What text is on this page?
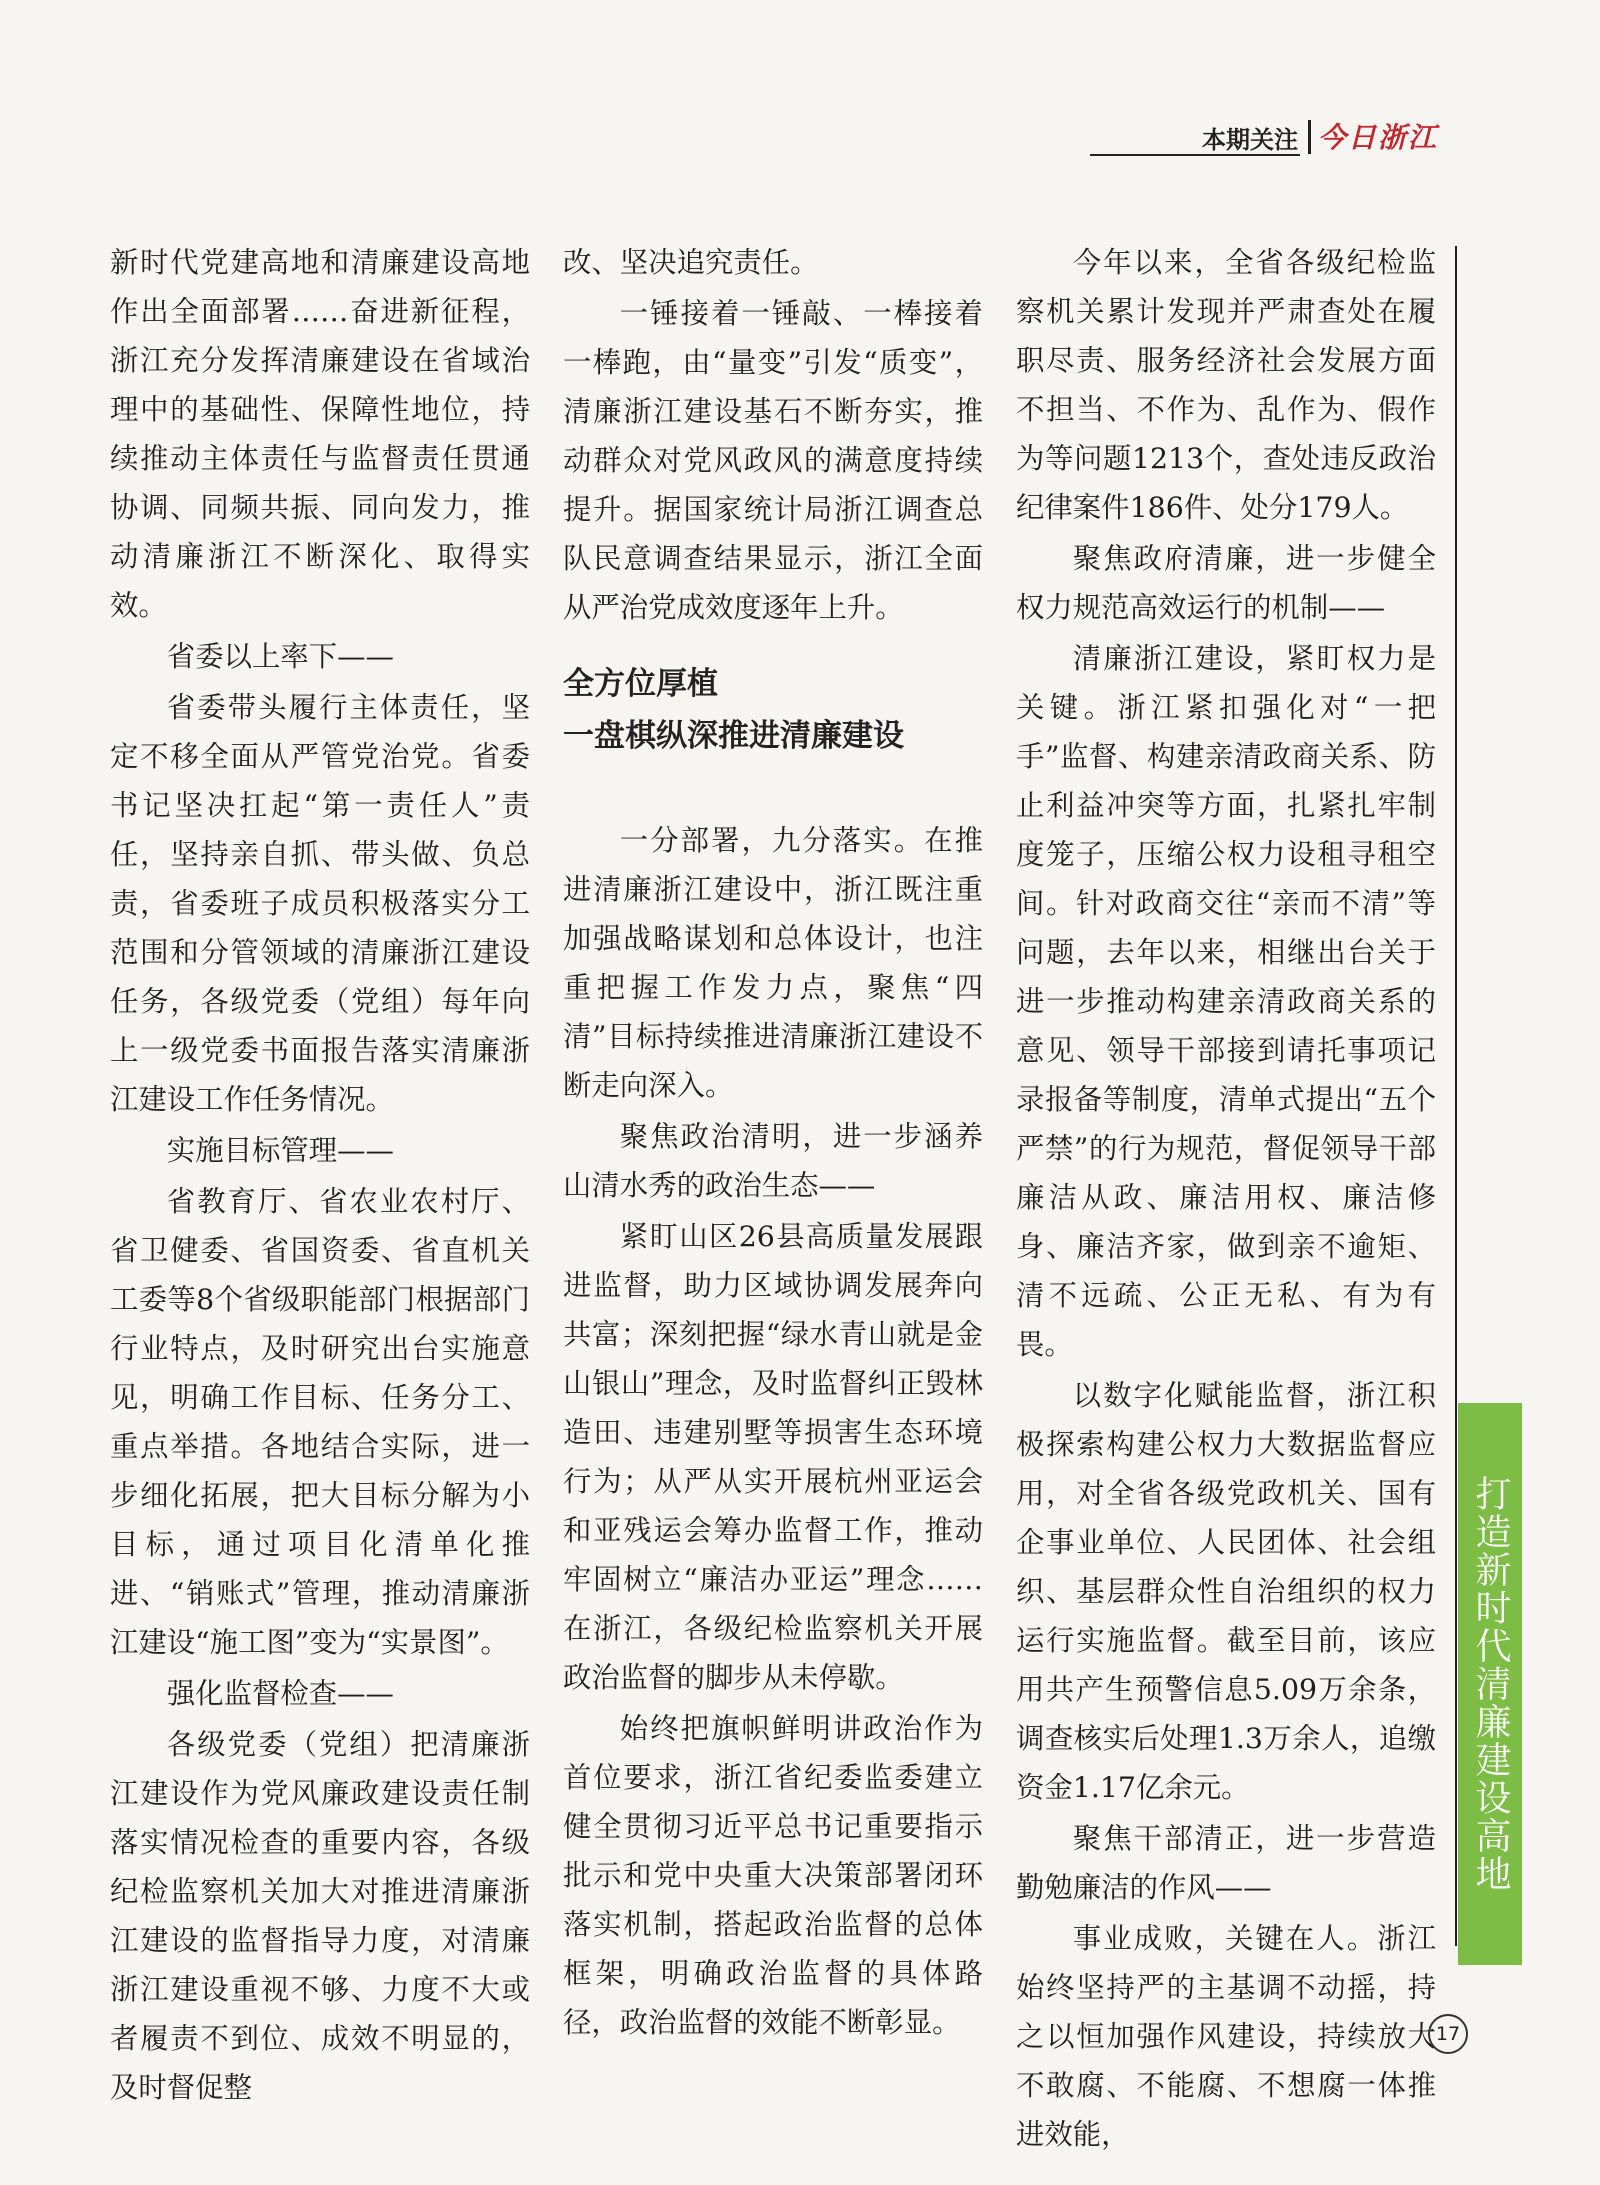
本期关注 今日浙江

新时代党建高地和清廉建设高地作出全面部署……奋进新征程，浙江充分发挥清廉建设在省域治理中的基础性、保障性地位，持续推动主体责任与监督责任贯通协调、同频共振、同向发力，推动清廉浙江不断深化、取得实效。

省委以上率下——

省委带头履行主体责任，坚定不移全面从严管党治党。省委书记坚决扛起“第一责任人”责任，坚持亲自抓、带头做、负总责，省委班子成员积极落实分工范围和分管领域的清廉浙江建设任务，各级党委（党组）每年向上一级党委书面报告落实清廉浙江建设工作任务情况。

实施目标管理——

省教育厅、省农业农村厅、省卫健委、省国资委、省直机关工委等8个省级职能部门根据部门行业特点，及时研究出台实施意见，明确工作目标、任务分工、重点举措。各地结合实际，进一步细化拓展，把大目标分解为小目标，通过项目化清单化推进、“销账式”管理，推动清廉浙江建设“施工图”变为“实景图”。

强化监督检查——

各级党委（党组）把清廉浙江建设作为党风廉政建设责任制落实情况检查的重要内容，各级纪检监察机关加大对推进清廉浙江建设的监督指导力度，对清廉浙江建设重视不够、力度不大或者履责不到位、成效不明显的，及时督促整

改、坚决追究责任。

一锤接着一锤敲、一棒接着一棒跑，由“量变”引发“质变”，清廉浙江建设基石不断夯实，推动群众对党风政风的满意度持续提升。据国家统计局浙江调查总队民意调查结果显示，浙江全面从严治党成效度逐年上升。

全方位厚植
一盘棋纵深推进清廉建设

一分部署，九分落实。在推进清廉浙江建设中，浙江既注重加强战略谋划和总体设计，也注重把握工作发力点，聚焦“四清”目标持续推进清廉浙江建设不断走向深入。

聚焦政治清明，进一步涵养山清水秀的政治生态——

紧盯山区26县高质量发展跟进监督，助力区域协调发展奔向共富；深刻把握“绿水青山就是金山银山”理念，及时监督纠正毁林造田、违建别墅等损害生态环境行为；从严从实开展杭州亚运会和亚残运会筹办监督工作，推动牢固树立“廉洁办亚运”理念……在浙江，各级纪检监察机关开展政治监督的脚步从未停歇。

始终把旗帜鲜明讲政治作为首位要求，浙江省纪委监委建立健全贯彻习近平总书记重要指示批示和党中央重大决策部署闭环落实机制，搭起政治监督的总体框架，明确政治监督的具体路径，政治监督的效能不断彰显。

今年以来，全省各级纪检监察机关累计发现并严肃查处在履职尽责、服务经济社会发展方面不担当、不作为、乱作为、假作为等问题1213个，查处违反政治纪律案件186件、处分179人。

聚焦政府清廉，进一步健全权力规范高效运行的机制——

清廉浙江建设，紧盯权力是关键。浙江紧扣强化对“一把手”监督、构建亲清政商关系、防止利益冲突等方面，扎紧扎牢制度笼子，压缩公权力设租寻租空间。针对政商交往“亲而不清”等问题，去年以来，相继出台关于进一步推动构建亲清政商关系的意见、领导干部接到请托事项记录报备等制度，清单式提出“五个严禁”的行为规范，督促领导干部廉洁从政、廉洁用权、廉洁修身、廉洁齐家，做到亲不逾矩、清不远疏、公正无私、有为有畏。

以数字化赋能监督，浙江积极探索构建公权力大数据监督应用，对全省各级党政机关、国有企事业单位、人民团体、社会组织、基层群众性自治组织的权力运行实施监督。截至目前，该应用共产生预警信息5.09万余条，调查核实后处理1.3万余人，追缴资金1.17亿余元。

聚焦干部清正，进一步营造勤勉廉洁的作风——

事业成败，关键在人。浙江始终坚持严的主基调不动摇，持之以恒加强作风建设，持续放大不敢腐、不能腐、不想腐一体推进效能，

打造新时代清廉建设高地
17
